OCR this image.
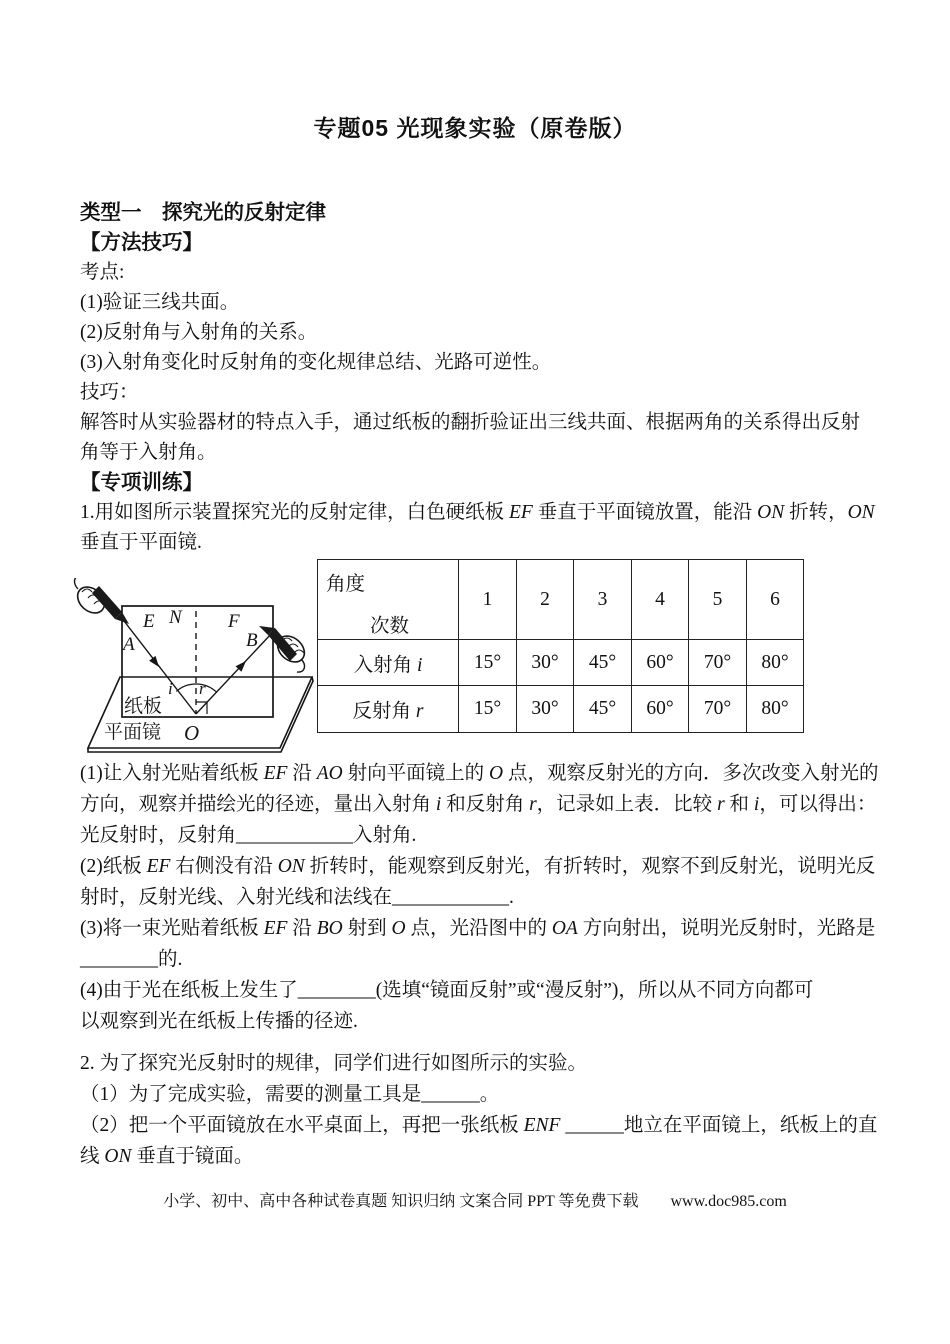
专题05 光现象实验（原卷版）
类型一　探究光的反射定律
【方法技巧】
考点:
(1)验证三线共面。
(2)反射角与入射角的关系。
(3)入射角变化时反射角的变化规律总结、光路可逆性。
技巧：
解答时从实验器材的特点入手，通过纸板的翻折验证出三线共面、根据两角的关系得出反射
角等于入射角。
【专项训练】
1.用如图所示装置探究光的反射定律，白色硬纸板 EF 垂直于平面镜放置，能沿 ON 折转，ON
垂直于平面镜.
E N F
A	B
i r
O
纸板
平面镜
角度
次数	1	2	3	4	5	6
入射角 i	15°	30°	45°	60°	70°	80°
反射角 r	15°	30°	45°	60°	70°	80°
(1)让入射光贴着纸板 EF 沿 AO 射向平面镜上的 O 点，观察反射光的方向．多次改变入射光的
方向，观察并描绘光的径迹，量出入射角 i 和反射角 r，记录如上表．比较 r 和 i，可以得出：
光反射时，反射角____________入射角.
(2)纸板 EF 右侧没有沿 ON 折转时，能观察到反射光，有折转时，观察不到反射光，说明光反
射时，反射光线、入射光线和法线在____________.
(3)将一束光贴着纸板 EF 沿 BO 射到 O 点，光沿图中的 OA 方向射出，说明光反射时，光路是
________的.
(4)由于光在纸板上发生了________(选填“镜面反射”或“漫反射”)，所以从不同方向都可
以观察到光在纸板上传播的径迹.
2. 为了探究光反射时的规律，同学们进行如图所示的实验。
（1）为了完成实验，需要的测量工具是______。
（2）把一个平面镜放在水平桌面上，再把一张纸板 ENF ______地立在平面镜上，纸板上的直
线 ON 垂直于镜面。
小学、初中、高中各种试卷真题 知识归纳 文案合同 PPT 等免费下载　　www.doc985.com
